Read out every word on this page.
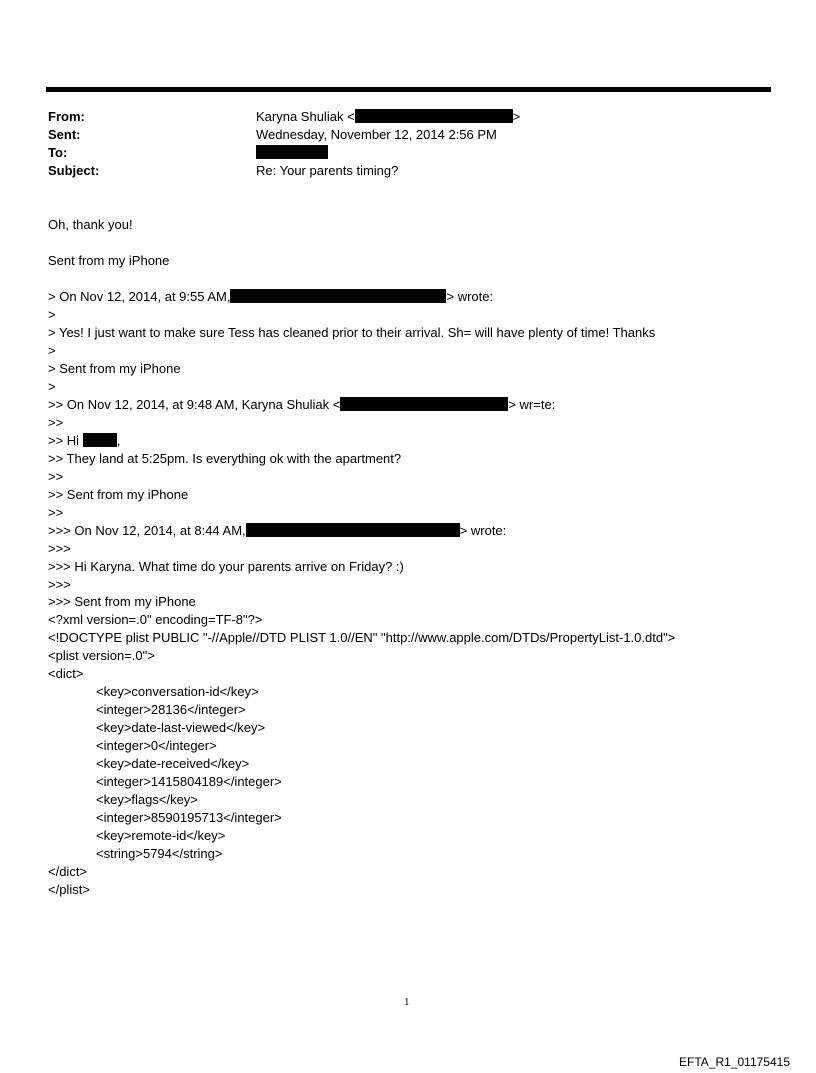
From:	Karyna Shuliak <	>
Sent:	Wednesday, November 12, 2014 2:56 PM
To:
Subject:	Re: Your parents timing?
Oh, thank you!
Sent from my iPhone
> On Nov 12, 2014, at 9:55 AM,	> wrote:
>
> Yes! I just want to make sure Tess has cleaned prior to their arrival. Sh= will have plenty of time! Thanks
>
> Sent from my iPhone
>
>> On Nov 12, 2014, at 9:48 AM, Karyna Shuliak <	> wr=te:
>>
>> Hi	,
>> They land at 5:25pm. Is everything ok with the apartment?
>>
>> Sent from my iPhone
>>
>>> On Nov 12, 2014, at 8:44 AM,	> wrote:
>>>
>>> Hi Karyna. What time do your parents arrive on Friday? :)
>>>
>>> Sent from my iPhone
<?xml version=.0" encoding=TF-8"?>
<!DOCTYPE plist PUBLIC "-//Apple//DTD PLIST 1.0//EN" "http://www.apple.com/DTDs/PropertyList-1.0.dtd">
<plist version=.0">
<dict>
<key>conversation-id</key>
<integer>28136</integer>
<key>date-last-viewed</key>
<integer>0</integer>
<key>date-received</key>
<integer>1415804189</integer>
<key>flags</key>
<integer>8590195713</integer>
<key>remote-id</key>
<string>5794</string>
</dict>
</plist>
1
EFTA_R1_01175415
